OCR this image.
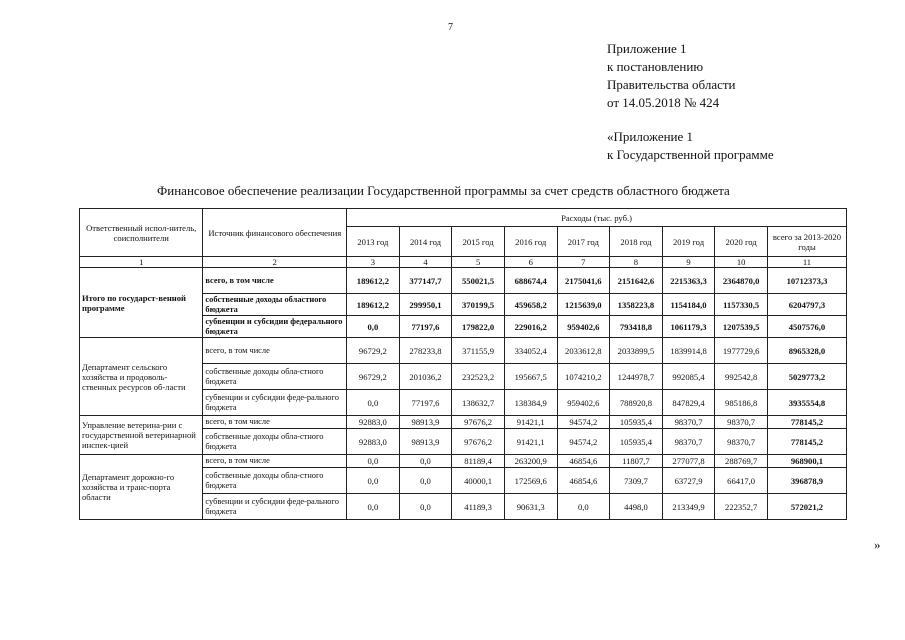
7
Приложение 1
к постановлению
Правительства области
от 14.05.2018 № 424
«Приложение 1
к Государственной программе
Финансовое обеспечение реализации Государственной программы за счет средств областного бюджета
Ответственный испол-нитель, соисполнители	Источник финансового обеспечения	Расходы (тыс. руб.)								
		2013 год	2014 год	2015 год	2016 год	2017 год	2018 год	2019 год	2020 год	всего за 2013-2020 годы
1	2	3	4	5	6	7	8	9	10	11
Итого по государст-венной программе	всего, в том числе	189612,2	377147,7	550021,5	688674,4	2175041,6	2151642,6	2215363,3	2364870,0	10712373,3
	собственные доходы областного бюджета	189612,2	299950,1	370199,5	459658,2	1215639,0	1358223,8	1154184,0	1157330,5	6204797,3
	субвенции и субсидии федерального бюджета	0,0	77197,6	179822,0	229016,2	959402,6	793418,8	1061179,3	1207539,5	4507576,0
Департамент сельского хозяйства и продоволь-ственных ресурсов об-ласти	всего, в том числе	96729,2	278233,8	371155,9	334052,4	2033612,8	2033899,5	1839914,8	1977729,6	8965328,0
	собственные доходы обла-стного бюджета	96729,2	201036,2	232523,2	195667,5	1074210,2	1244978,7	992085,4	992542,8	5029773,2
	субвенции и субсидии феде-рального бюджета	0,0	77197,6	138632,7	138384,9	959402,6	788920,8	847829,4	985186,8	3935554,8
Управление ветерина-рии с государственной ветеринарной инспек-цией	всего, в том числе	92883,0	98913,9	97676,2	91421,1	94574,2	105935,4	98370,7	98370,7	778145,2
	собственные доходы обла-стного бюджета	92883,0	98913,9	97676,2	91421,1	94574,2	105935,4	98370,7	98370,7	778145,2
Департамент дорожно-го хозяйства и транс-порта области	всего, в том числе	0,0	0,0	81189,4	263200,9	46854,6	11807,7	277077,8	288769,7	968900,1
	собственные доходы обла-стного бюджета	0,0	0,0	40000,1	172569,6	46854,6	7309,7	63727,9	66417,0	396878,9
	субвенции и субсидии феде-рального бюджета	0,0	0,0	41189,3	90631,3	0,0	4498,0	213349,9	222352,7	572021,2
»
